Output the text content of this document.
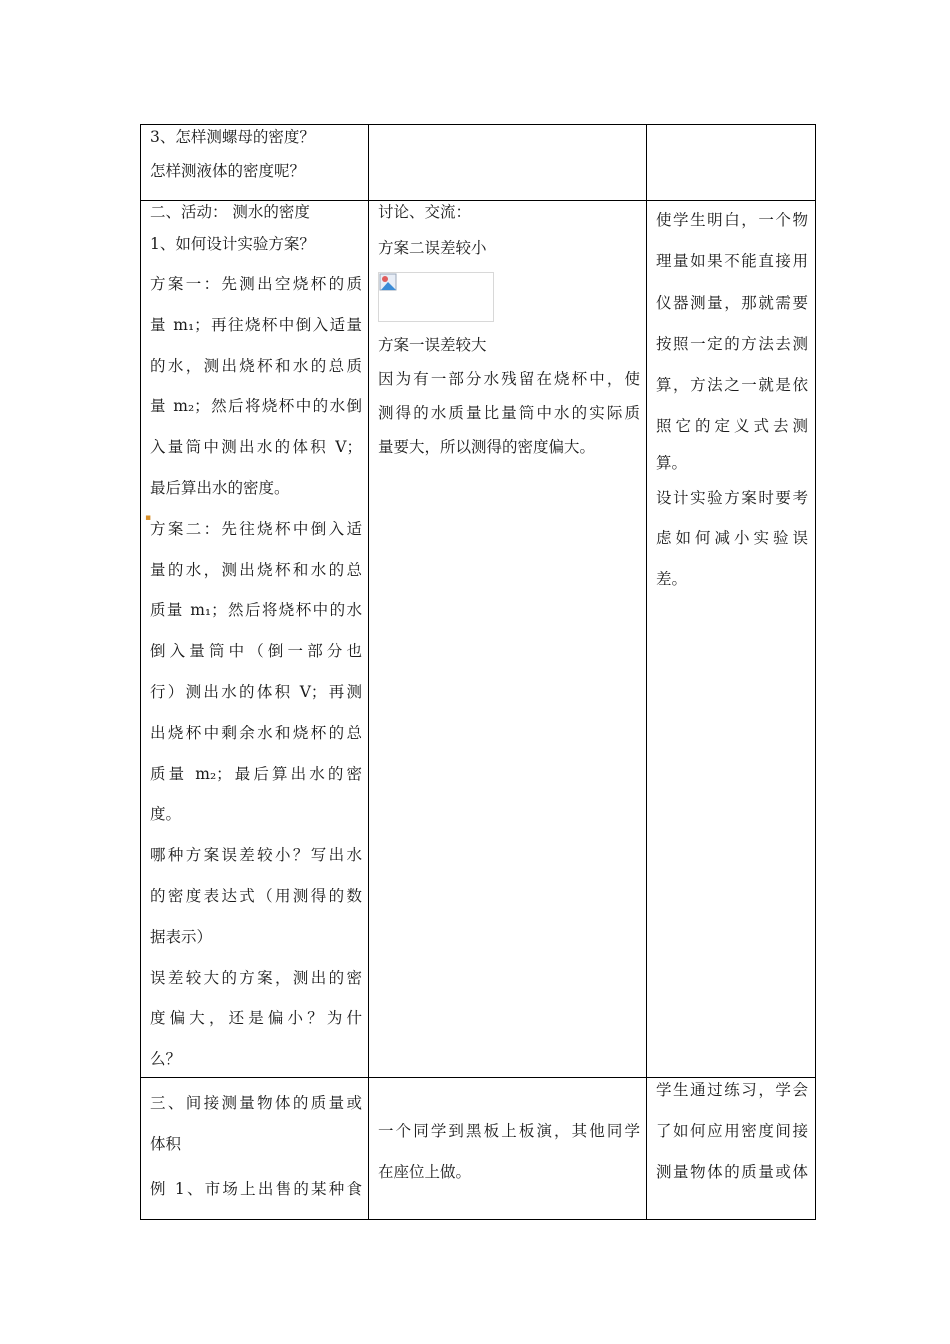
3、怎样测螺母的密度？

怎样测液体的密度呢？

二、活动： 测水的密度

1、如何设计实验方案？

方案一：先测出空烧杯的质

量 m₁；再往烧杯中倒入适量

的水，测出烧杯和水的总质

量 m₂；然后将烧杯中的水倒

入量筒中测出水的体积 V；

最后算出水的密度。

方案二：先往烧杯中倒入适

量的水，测出烧杯和水的总

质量 m₁；然后将烧杯中的水

倒入量筒中（倒一部分也

行）测出水的体积 V；再测

出烧杯中剩余水和烧杯的总

质量 m₂；最后算出水的密

度。

哪种方案误差较小？写出水

的密度表达式（用测得的数

据表示）

误差较大的方案，测出的密

度偏大，还是偏小？为什

么？

▪

讨论、交流：

方案二误差较小

方案一误差较大

因为有一部分水残留在烧杯中，使

测得的水质量比量筒中水的实际质

量要大，所以测得的密度偏大。

使学生明白，一个物

理量如果不能直接用

仪器测量，那就需要

按照一定的方法去测

算，方法之一就是依

照它的定义式去测

算。

设计实验方案时要考

虑如何减小实验误

差。

三、间接测量物体的质量或

体积

例 1、市场上出售的某种食

一个同学到黑板上板演，其他同学

在座位上做。

学生通过练习，学会

了如何应用密度间接

测量物体的质量或体
